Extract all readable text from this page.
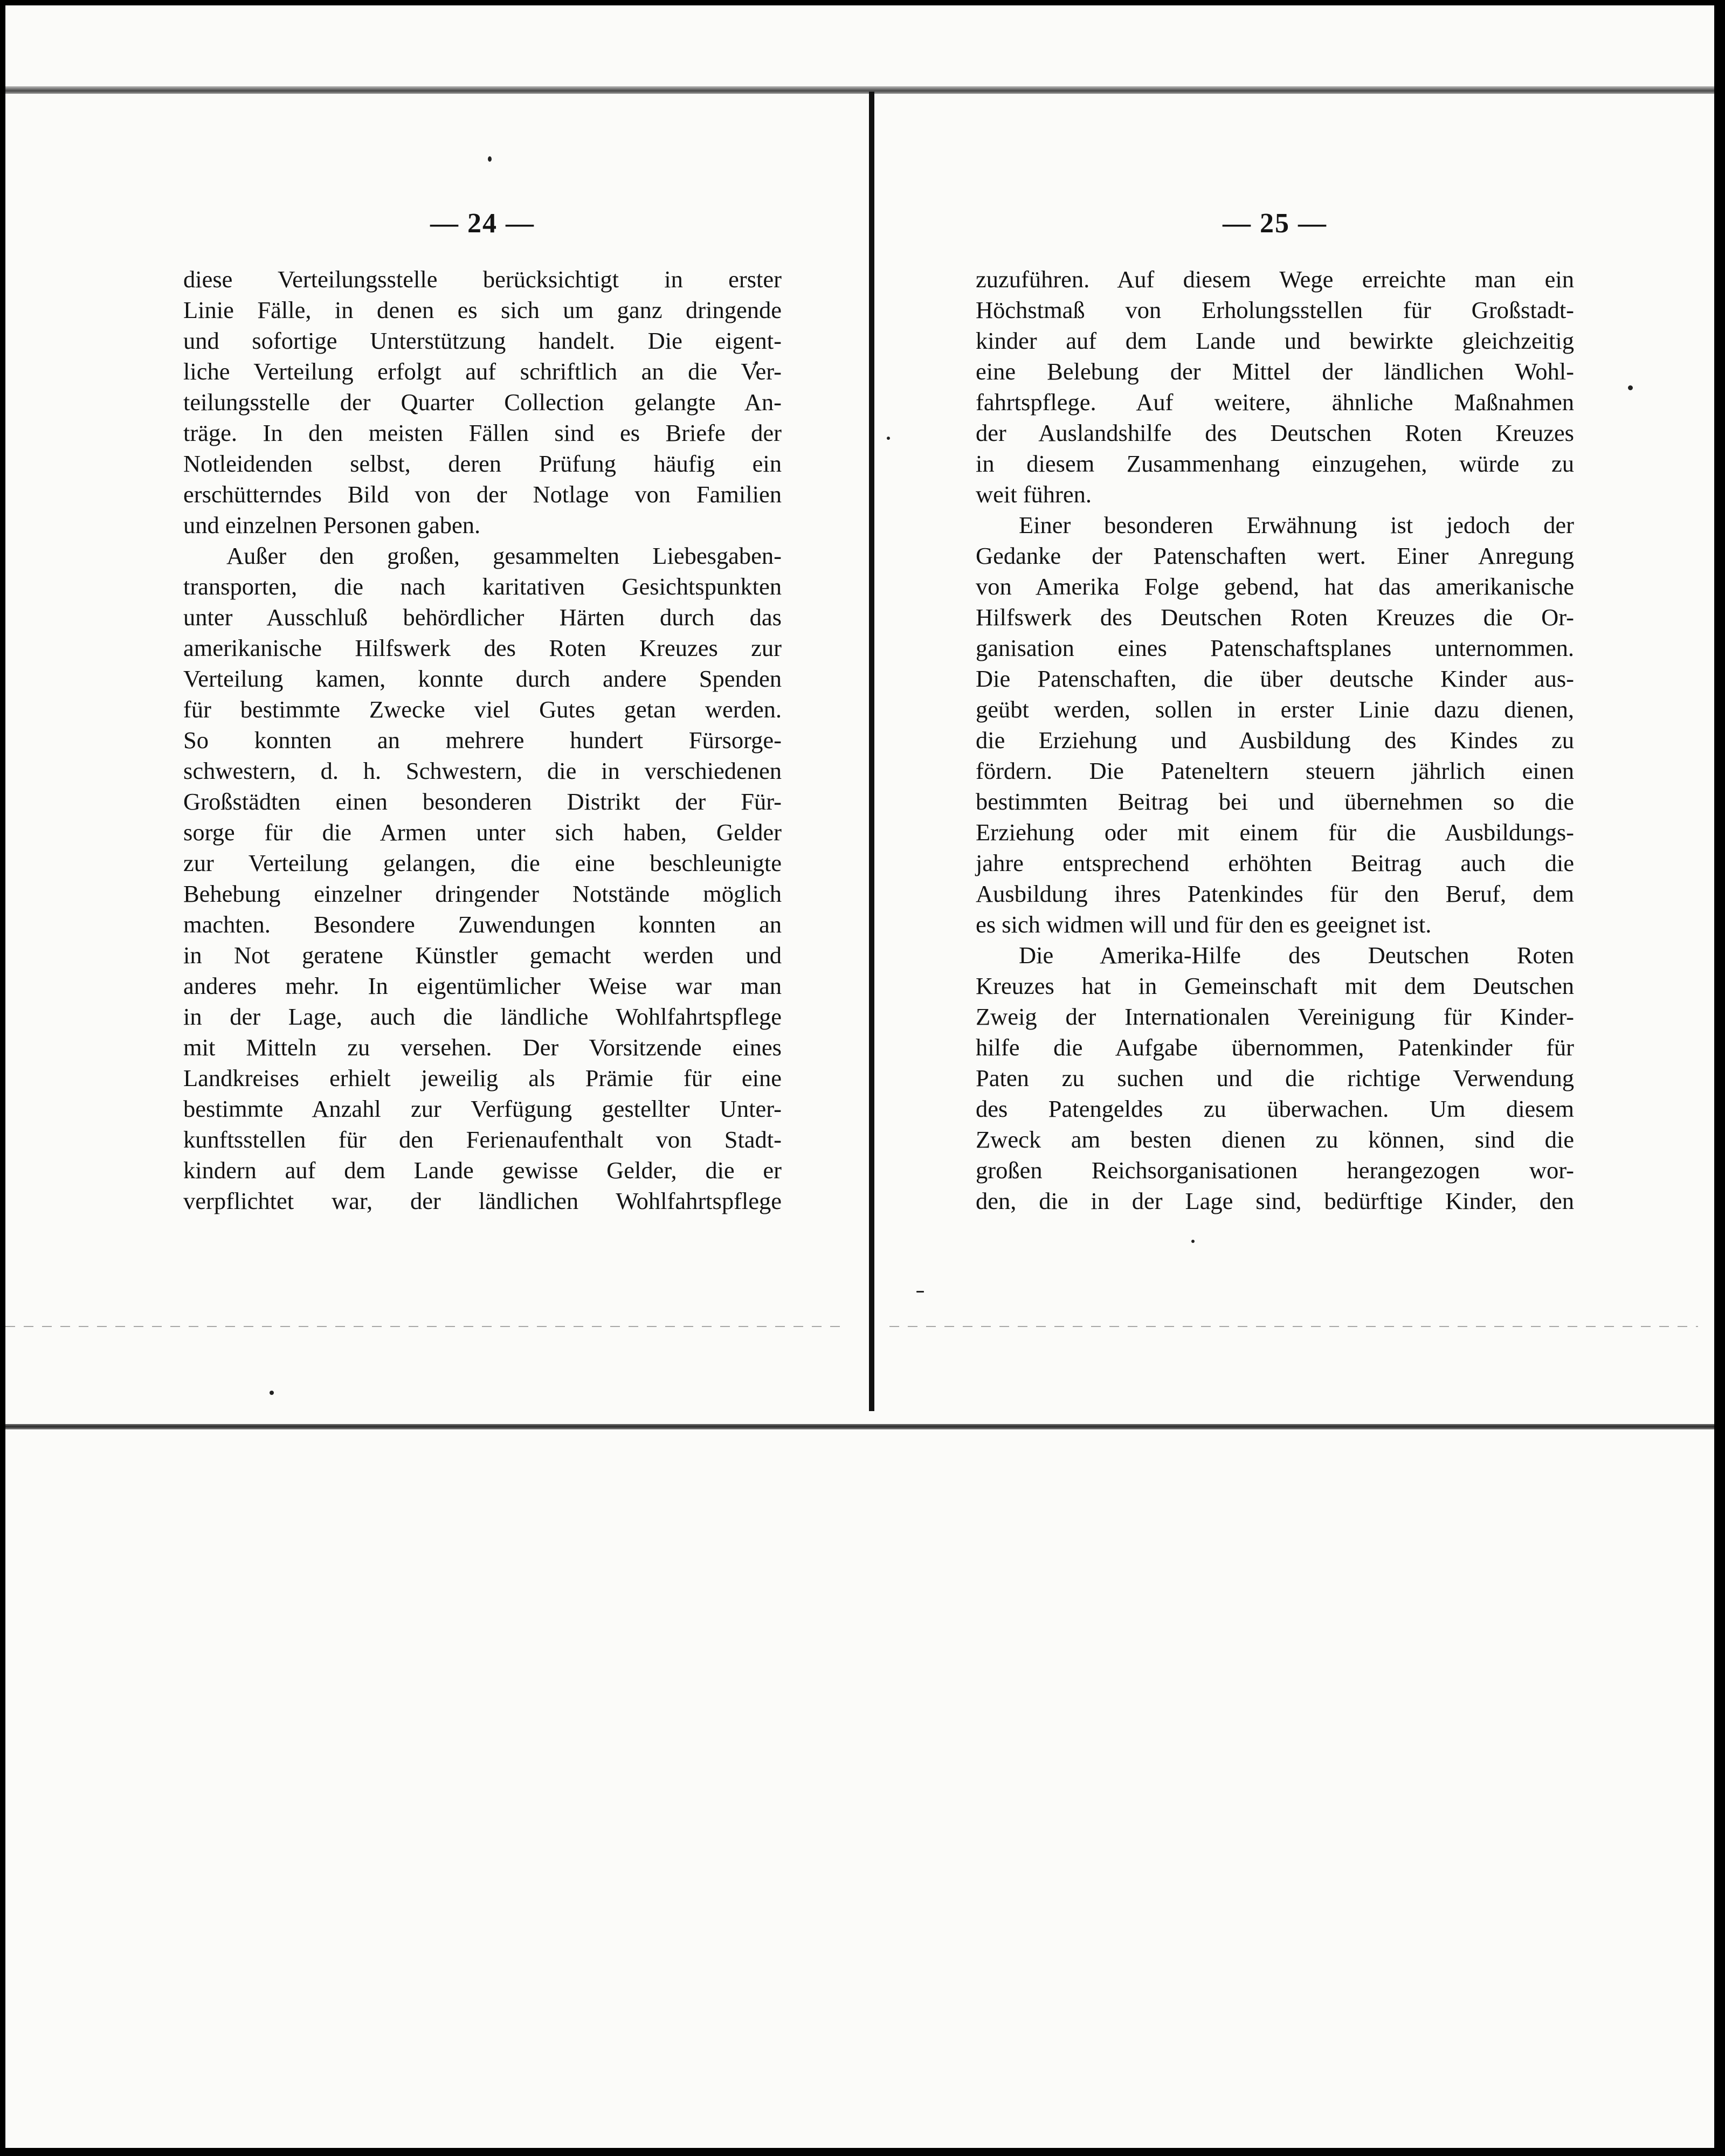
— 24 —
diese Verteilungsstelle berücksichtigt in erster
Linie Fälle, in denen es sich um ganz dringende
und sofortige Unterstützung handelt. Die eigent-
liche Verteilung erfolgt auf schriftlich an die Ver-
teilungsstelle der Quarter Collection gelangte An-
träge. In den meisten Fällen sind es Briefe der
Notleidenden selbst, deren Prüfung häufig ein
erschütterndes Bild von der Notlage von Familien
und einzelnen Personen gaben.
Außer den großen, gesammelten Liebesgaben-
transporten, die nach karitativen Gesichtspunkten
unter Ausschluß behördlicher Härten durch das
amerikanische Hilfswerk des Roten Kreuzes zur
Verteilung kamen, konnte durch andere Spenden
für bestimmte Zwecke viel Gutes getan werden.
So konnten an mehrere hundert Fürsorge-
schwestern, d. h. Schwestern, die in verschiedenen
Großstädten einen besonderen Distrikt der Für-
sorge für die Armen unter sich haben, Gelder
zur Verteilung gelangen, die eine beschleunigte
Behebung einzelner dringender Notstände möglich
machten. Besondere Zuwendungen konnten an
in Not geratene Künstler gemacht werden und
anderes mehr. In eigentümlicher Weise war man
in der Lage, auch die ländliche Wohlfahrtspflege
mit Mitteln zu versehen. Der Vorsitzende eines
Landkreises erhielt jeweilig als Prämie für eine
bestimmte Anzahl zur Verfügung gestellter Unter-
kunftsstellen für den Ferienaufenthalt von Stadt-
kindern auf dem Lande gewisse Gelder, die er
verpflichtet war, der ländlichen Wohlfahrtspflege
— 25 —
zuzuführen. Auf diesem Wege erreichte man ein
Höchstmaß von Erholungsstellen für Großstadt-
kinder auf dem Lande und bewirkte gleichzeitig
eine Belebung der Mittel der ländlichen Wohl-
fahrtspflege. Auf weitere, ähnliche Maßnahmen
der Auslandshilfe des Deutschen Roten Kreuzes
in diesem Zusammenhang einzugehen, würde zu
weit führen.
Einer besonderen Erwähnung ist jedoch der
Gedanke der Patenschaften wert. Einer Anregung
von Amerika Folge gebend, hat das amerikanische
Hilfswerk des Deutschen Roten Kreuzes die Or-
ganisation eines Patenschaftsplanes unternommen.
Die Patenschaften, die über deutsche Kinder aus-
geübt werden, sollen in erster Linie dazu dienen,
die Erziehung und Ausbildung des Kindes zu
fördern. Die Pateneltern steuern jährlich einen
bestimmten Beitrag bei und übernehmen so die
Erziehung oder mit einem für die Ausbildungs-
jahre entsprechend erhöhten Beitrag auch die
Ausbildung ihres Patenkindes für den Beruf, dem
es sich widmen will und für den es geeignet ist.
Die Amerika-Hilfe des Deutschen Roten
Kreuzes hat in Gemeinschaft mit dem Deutschen
Zweig der Internationalen Vereinigung für Kinder-
hilfe die Aufgabe übernommen, Patenkinder für
Paten zu suchen und die richtige Verwendung
des Patengeldes zu überwachen. Um diesem
Zweck am besten dienen zu können, sind die
großen Reichsorganisationen herangezogen wor-
den, die in der Lage sind, bedürftige Kinder, den
